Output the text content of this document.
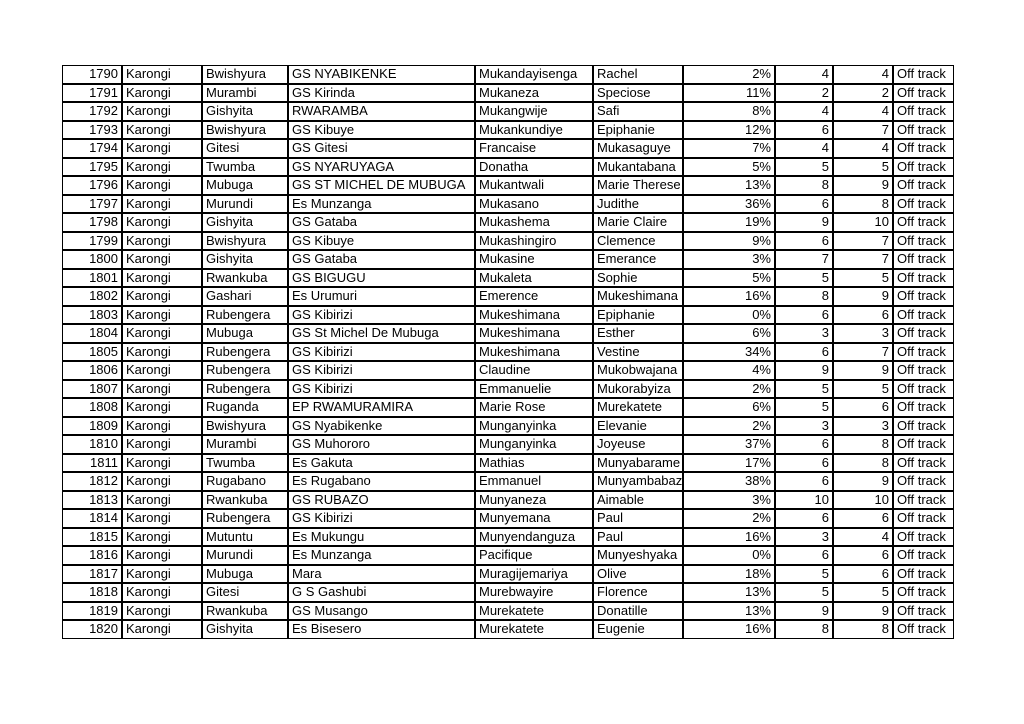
1790	Karongi	Bwishyura	GS NYABIKENKE	Mukandayisenga	Rachel	2%	4	4	Off track
1791	Karongi	Murambi	GS Kirinda	Mukaneza	Speciose	11%	2	2	Off track
1792	Karongi	Gishyita	RWARAMBA	Mukangwije	Safi	8%	4	4	Off track
1793	Karongi	Bwishyura	GS Kibuye	Mukankundiye	Epiphanie	12%	6	7	Off track
1794	Karongi	Gitesi	GS Gitesi	Francaise	Mukasaguye	7%	4	4	Off track
1795	Karongi	Twumba	GS NYARUYAGA	Donatha	Mukantabana	5%	5	5	Off track
1796	Karongi	Mubuga	GS ST MICHEL DE MUBUGA	Mukantwali	Marie Therese	13%	8	9	Off track
1797	Karongi	Murundi	Es Munzanga	Mukasano	Judithe	36%	6	8	Off track
1798	Karongi	Gishyita	GS Gataba	Mukashema	Marie Claire	19%	9	10	Off track
1799	Karongi	Bwishyura	GS Kibuye	Mukashingiro	Clemence	9%	6	7	Off track
1800	Karongi	Gishyita	GS Gataba	Mukasine	Emerance	3%	7	7	Off track
1801	Karongi	Rwankuba	GS BIGUGU	Mukaleta	Sophie	5%	5	5	Off track
1802	Karongi	Gashari	Es Urumuri	Emerence	Mukeshimana	16%	8	9	Off track
1803	Karongi	Rubengera	GS Kibirizi	Mukeshimana	Epiphanie	0%	6	6	Off track
1804	Karongi	Mubuga	GS St Michel De Mubuga	Mukeshimana	Esther	6%	3	3	Off track
1805	Karongi	Rubengera	GS Kibirizi	Mukeshimana	Vestine	34%	6	7	Off track
1806	Karongi	Rubengera	GS Kibirizi	Claudine	Mukobwajana	4%	9	9	Off track
1807	Karongi	Rubengera	GS Kibirizi	Emmanuelie	Mukorabyiza	2%	5	5	Off track
1808	Karongi	Ruganda	EP RWAMURAMIRA	Marie Rose	Murekatete	6%	5	6	Off track
1809	Karongi	Bwishyura	GS Nyabikenke	Munganyinka	Elevanie	2%	3	3	Off track
1810	Karongi	Murambi	GS Muhororo	Munganyinka	Joyeuse	37%	6	8	Off track
1811	Karongi	Twumba	Es Gakuta	Mathias	Munyabarame	17%	6	8	Off track
1812	Karongi	Rugabano	Es Rugabano	Emmanuel	Munyambabaz	38%	6	9	Off track
1813	Karongi	Rwankuba	GS RUBAZO	Munyaneza	Aimable	3%	10	10	Off track
1814	Karongi	Rubengera	GS Kibirizi	Munyemana	Paul	2%	6	6	Off track
1815	Karongi	Mutuntu	Es Mukungu	Munyendanguza	Paul	16%	3	4	Off track
1816	Karongi	Murundi	Es Munzanga	Pacifique	Munyeshyaka	0%	6	6	Off track
1817	Karongi	Mubuga	Mara	Muragijemariya	Olive	18%	5	6	Off track
1818	Karongi	Gitesi	G S Gashubi	Murebwayire	Florence	13%	5	5	Off track
1819	Karongi	Rwankuba	GS Musango	Murekatete	Donatille	13%	9	9	Off track
1820	Karongi	Gishyita	Es Bisesero	Murekatete	Eugenie	16%	8	8	Off track
